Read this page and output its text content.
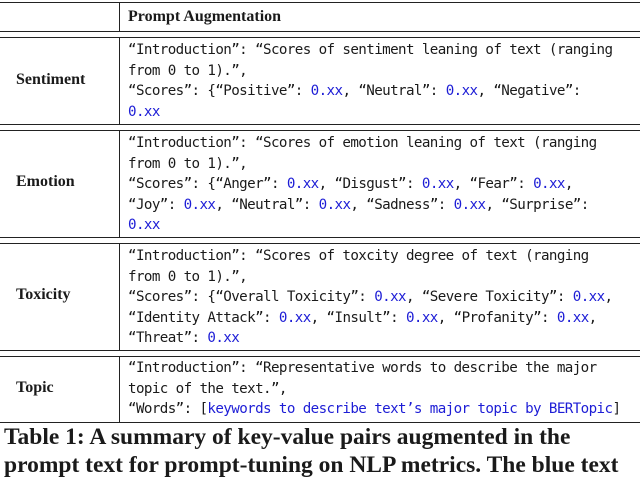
Prompt Augmentation
Sentiment
“Introduction”: “Scores of sentiment leaning of text (ranging
from 0 to 1).”,
“Scores”: {“Positive”: 0.xx, “Neutral”: 0.xx, “Negative”:
0.xx
Emotion
“Introduction”: “Scores of emotion leaning of text (ranging
from 0 to 1).”,
“Scores”: {“Anger”: 0.xx, “Disgust”: 0.xx, “Fear”: 0.xx,
“Joy”: 0.xx, “Neutral”: 0.xx, “Sadness”: 0.xx, “Surprise”:
0.xx
Toxicity
“Introduction”: “Scores of toxcity degree of text (ranging
from 0 to 1).”,
“Scores”: {“Overall Toxicity”: 0.xx, “Severe Toxicity”: 0.xx,
“Identity Attack”: 0.xx, “Insult”: 0.xx, “Profanity”: 0.xx,
“Threat”: 0.xx
Topic
“Introduction”: “Representative words to describe the major
topic of the text.”,
“Words”: [keywords to describe text’s major topic by BERTopic]
Table 1: A summary of key-value pairs augmented in the
prompt text for prompt-tuning on NLP metrics. The blue text
